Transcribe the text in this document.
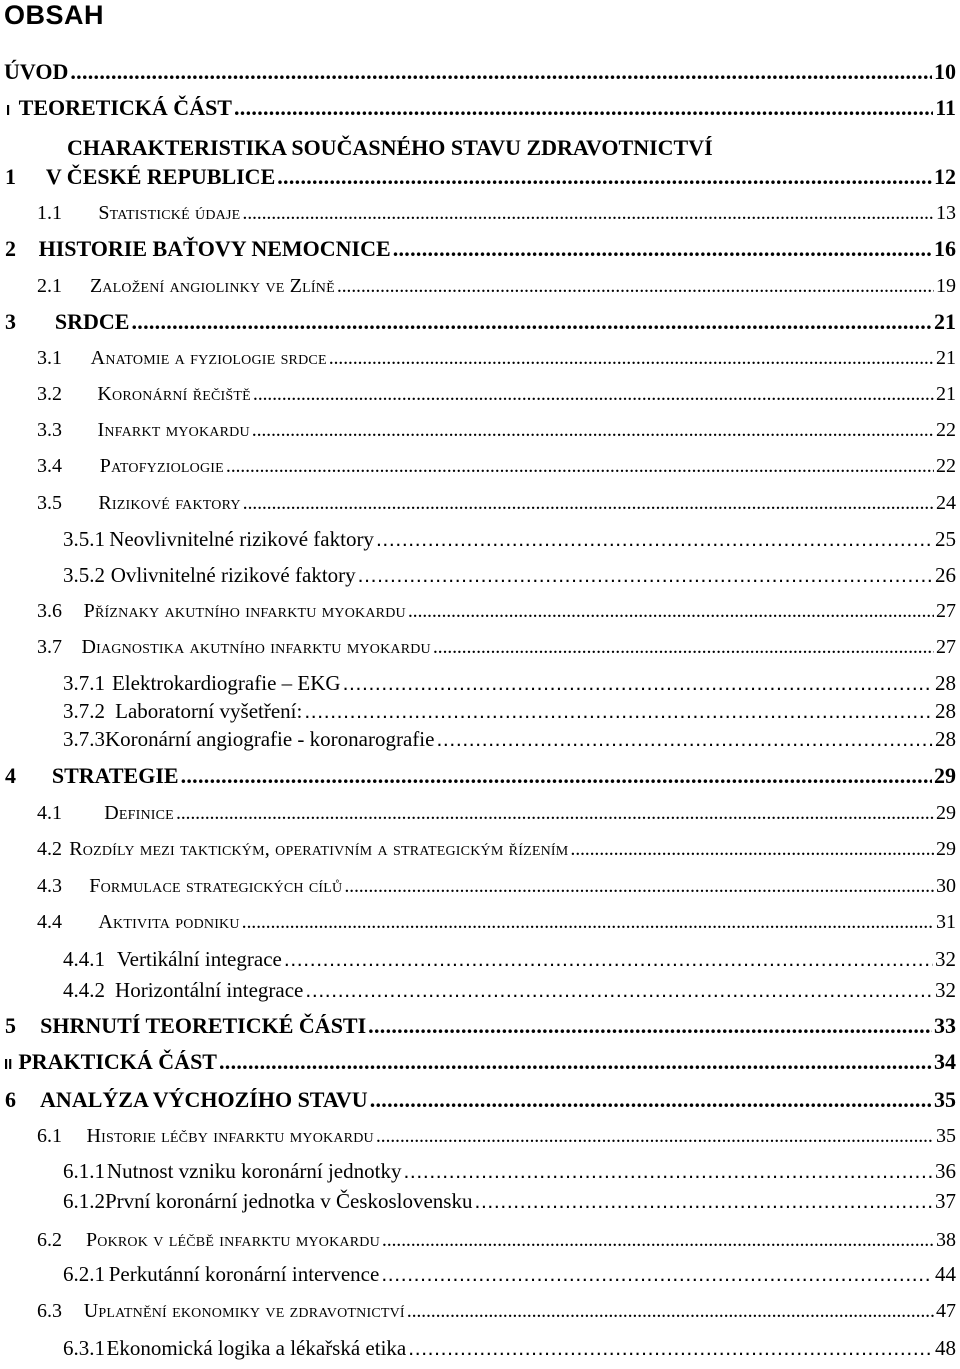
OBSAH
ÚVOD . . .	10
I TEORETICKÁ ČÁST . . .	11
CHARAKTERISTIKA SOUČASNÉHO STAVU ZDRAVOTNICTVÍ
1	V ČESKÉ REPUBLICE . . .	12
1.1	Statistické údaje . . .	13
2	HISTORIE BAŤOVY NEMOCNICE . . .	16
2.1	Založení angiolinky ve Zlíně . . .	19
3	SRDCE . . .	21
3.1	Anatomie a fyziologie srdce . . .	21
3.2	Koronární řečiště . . .	21
3.3	Infarkt myokardu . . .	22
3.4	Patofyziologie . . .	22
3.5	Rizikové faktory . . .	24
3.5.1 Neovlivnitelné rizikové faktory . . .	25
3.5.2 Ovlivnitelné rizikové faktory . . .	26
3.6	Příznaky akutního infarktu myokardu . . .	27
3.7 Diagnostika akutního infarktu myokardu . . .	27
3.7.1 Elektrokardiografie – EKG . . .	28
3.7.2 Laboratorní vyšetření: . . .	28
3.7.3 Koronární angiografie - koronarografie . . .	28
4	STRATEGIE . . .	29
4.1	Definice . . .	29
4.2 Rozdíly mezi taktickým, operativním a strategickým řízením . . .	29
4.3	Formulace strategických cílů . . .	30
4.4	Aktivita podniku . . .	31
4.4.1 Vertikální integrace . . .	32
4.4.2 Horizontální integrace . . .	32
5	SHRNUTÍ TEORETICKÉ ČÁSTI . . .	33
II PRAKTICKÁ ČÁST . . .	34
6	ANALÝZA VÝCHOZÍHO STAVU . . .	35
6.1	Historie léčby infarktu myokardu . . .	35
6.1.1 Nutnost vzniku koronární jednotky . . .	36
6.1.2 První koronární jednotka v Československu . . .	37
6.2	Pokrok v léčbě infarktu myokardu . . .	38
6.2.1 Perkutánní koronární intervence . . .	44
6.3	Uplatnění ekonomiky ve zdravotnictví . . .	47
6.3.1 Ekonomická logika a lékařská etika . . .	48
